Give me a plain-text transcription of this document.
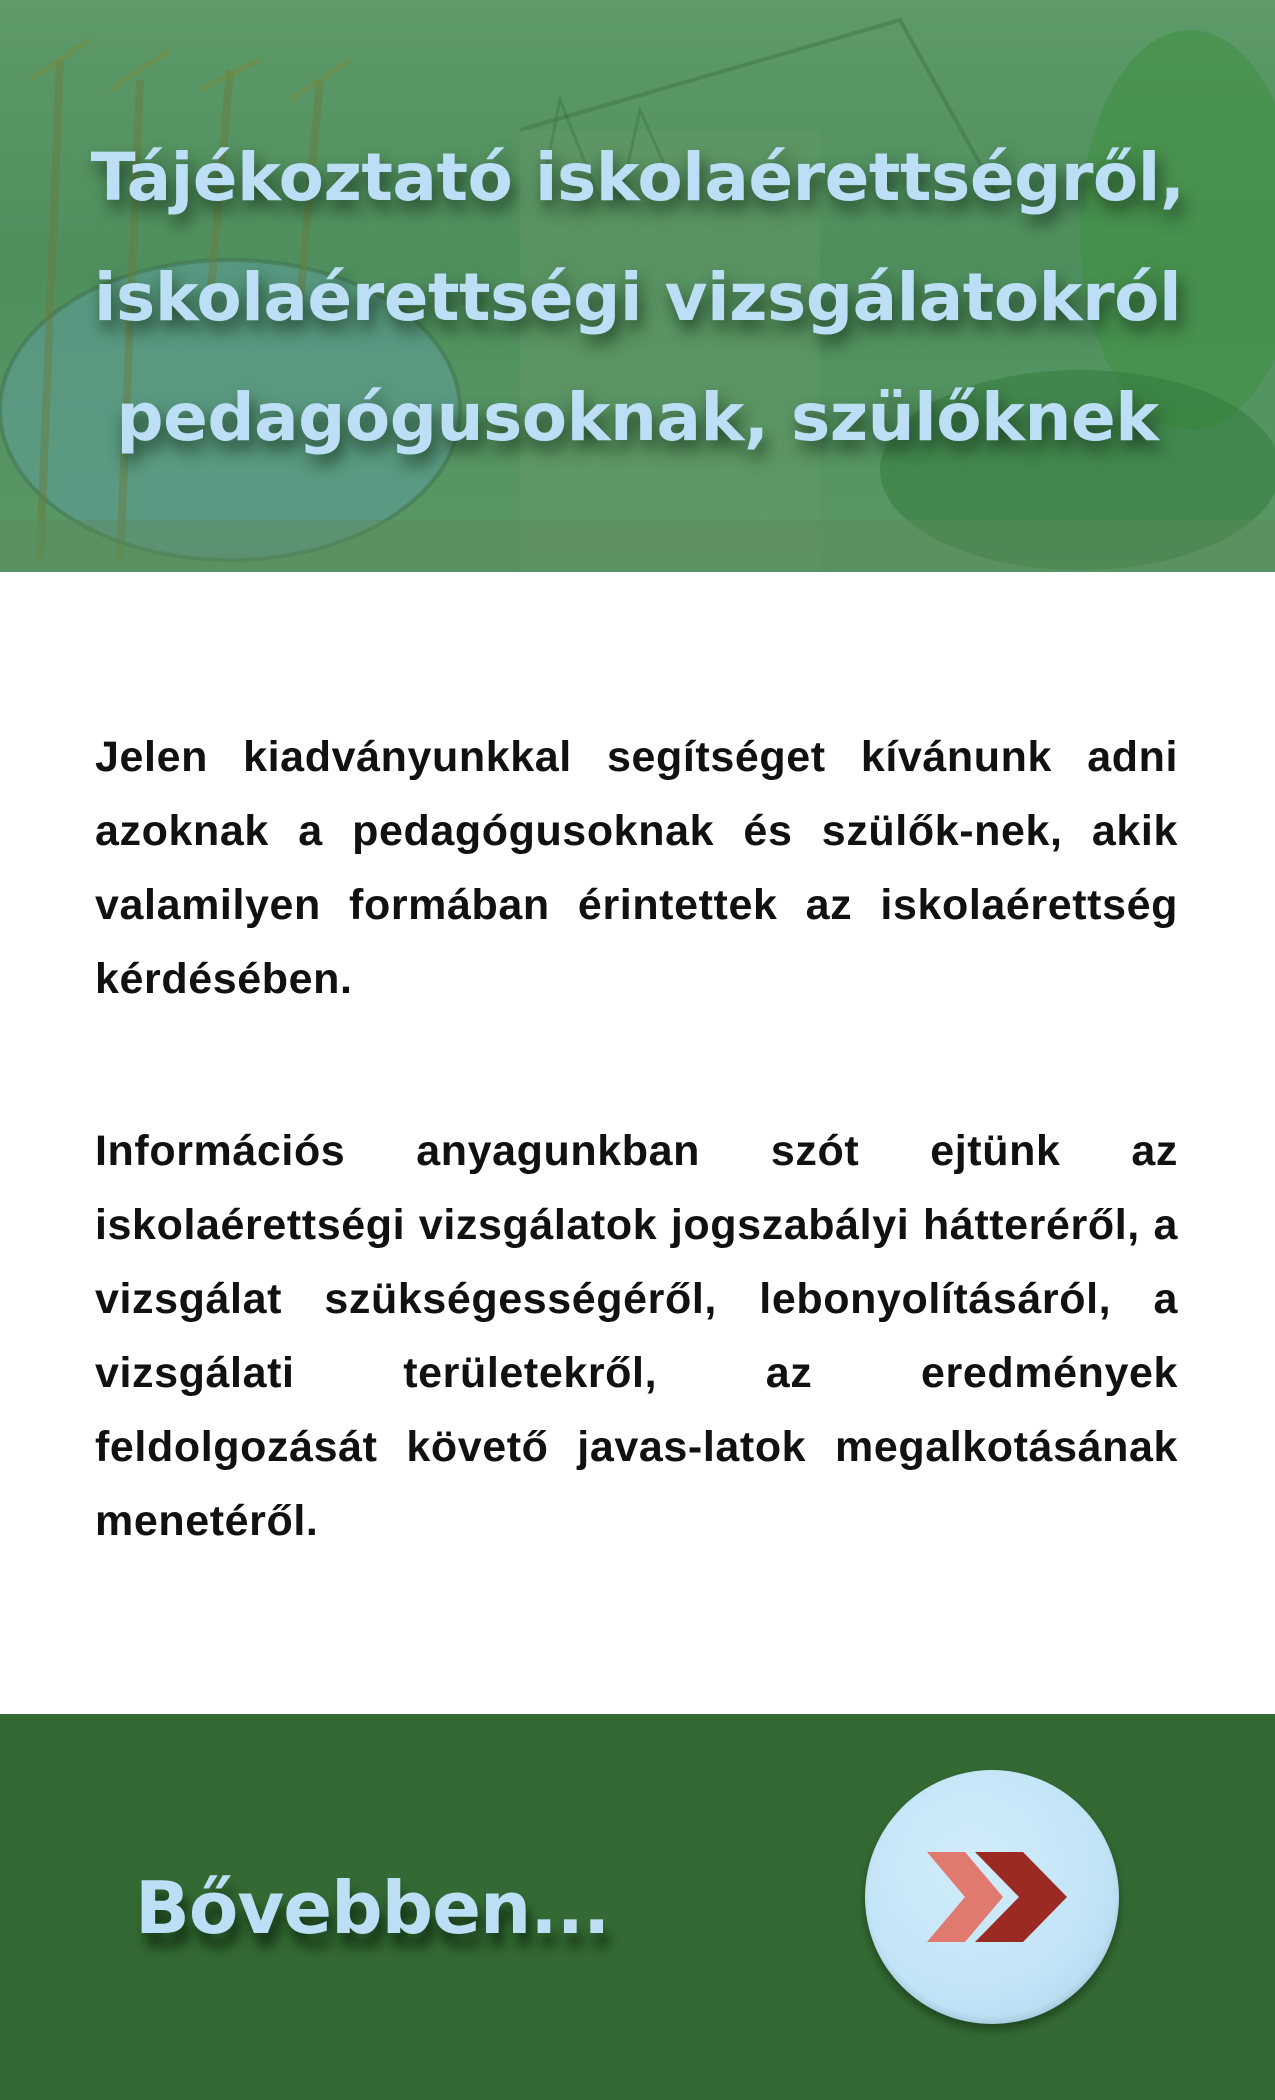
Tájékoztató iskolaérettségről,
iskolaérettségi vizsgálatokról
pedagógusoknak, szülőknek

Jelen kiadványunkkal segítséget kívánunk adni azoknak a pedagógusoknak és szülők-nek, akik valamilyen formában érintettek az iskolaérettség kérdésében.

Információs anyagunkban szót ejtünk az iskolaérettségi vizsgálatok jogszabályi hátteréről, a vizsgálat szükségességéről, lebonyolításáról, a vizsgálati területekről, az eredmények feldolgozását követő javas-latok megalkotásának menetéről.

Bővebben...
